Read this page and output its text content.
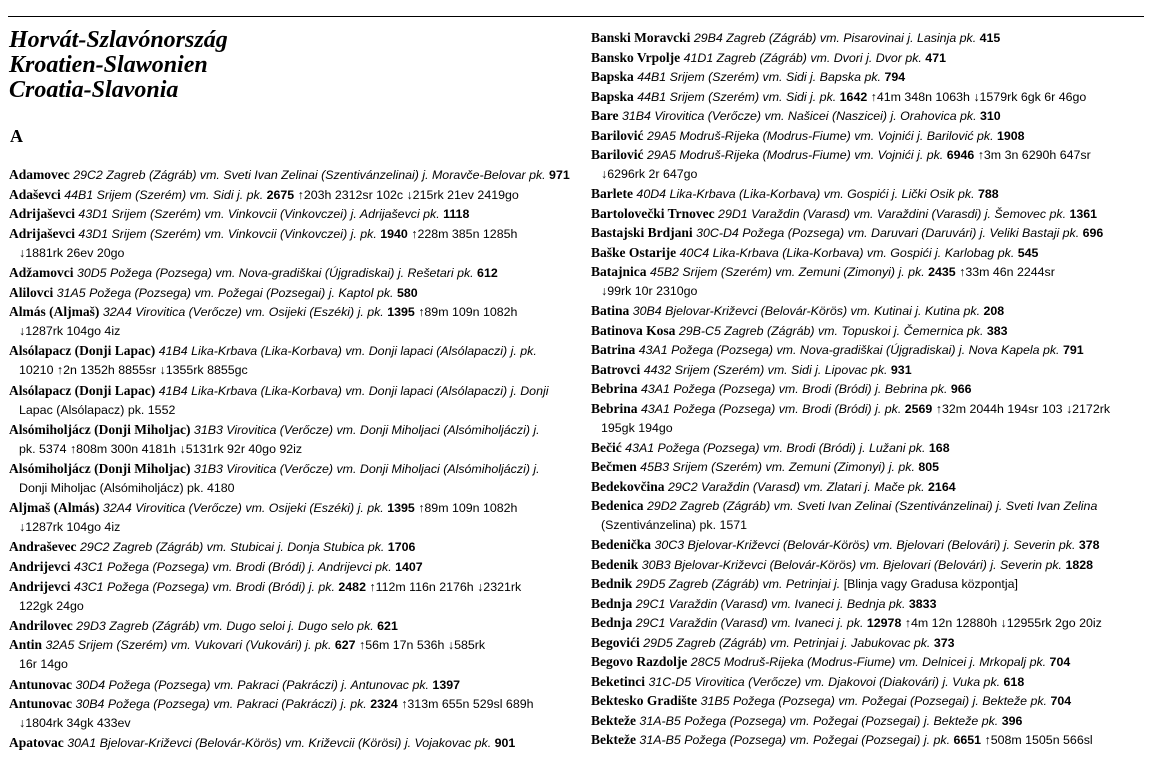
Horvát-Szlavónország
Kroatien-Slawonien
Croatia-Slavonia
A
Adamovec 29C2 Zagreb (Zágráb) vm. Sveti Ivan Zelinai (Szentivánzelinai) j. Moravče-Belovar pk. 971
Adaševci 44B1 Srijem (Szerém) vm. Sidi j. pk. 2675 ↑203h 2312sr 102c ↓215rk 21ev 2419go
Adrijaševci 43D1 Srijem (Szerém) vm. Vinkovcii (Vinkovczei) j. Adrijaševci pk. 1118
Adrijaševci 43D1 Srijem (Szerém) vm. Vinkovcii (Vinkovczei) j. pk. 1940 ↑228m 385n 1285h
↓1881rk 26ev 20go
Adžamovci 30D5 Požega (Pozsega) vm. Nova-gradiškai (Újgradiskai) j. Rešetari pk. 612
Alilovci 31A5 Požega (Pozsega) vm. Požegai (Pozsegai) j. Kaptol pk. 580
Almás (Aljmaš) 32A4 Virovitica (Verőcze) vm. Osijeki (Eszéki) j. pk. 1395 ↑89m 109n 1082h
↓1287rk 104go 4iz
Alsólapacz (Donji Lapac) 41B4 Lika-Krbava (Lika-Korbava) vm. Donji lapaci (Alsólapaczi) j. pk.
10210 ↑2n 1352h 8855sr ↓1355rk 8855gc
Alsólapacz (Donji Lapac) 41B4 Lika-Krbava (Lika-Korbava) vm. Donji lapaci (Alsólapaczi) j. Donji
Lapac (Alsólapacz) pk. 1552
Alsómiholjácz (Donji Miholjac) 31B3 Virovitica (Verőcze) vm. Donji Miholjaci (Alsómiholjáczi) j.
pk. 5374 ↑808m 300n 4181h ↓5131rk 92r 40go 92iz
Alsómiholjácz (Donji Miholjac) 31B3 Virovitica (Verőcze) vm. Donji Miholjaci (Alsómiholjáczi) j.
Donji Miholjac (Alsómiholjácz) pk. 4180
Aljmaš (Almás) 32A4 Virovitica (Verőcze) vm. Osijeki (Eszéki) j. pk. 1395 ↑89m 109n 1082h
↓1287rk 104go 4iz
Andraševec 29C2 Zagreb (Zágráb) vm. Stubicai j. Donja Stubica pk. 1706
Andrijevci 43C1 Požega (Pozsega) vm. Brodi (Bródi) j. Andrijevci pk. 1407
Andrijevci 43C1 Požega (Pozsega) vm. Brodi (Bródi) j. pk. 2482 ↑112m 116n 2176h ↓2321rk
122gk 24go
Andrilovec 29D3 Zagreb (Zágráb) vm. Dugo seloi j. Dugo selo pk. 621
Antin 32A5 Srijem (Szerém) vm. Vukovari (Vukovári) j. pk. 627 ↑56m 17n 536h ↓585rk
16r 14go
Antunovac 30D4 Požega (Pozsega) vm. Pakraci (Pakráczi) j. Antunovac pk. 1397
Antunovac 30B4 Požega (Pozsega) vm. Pakraci (Pakráczi) j. pk. 2324 ↑313m 655n 529sl 689h
↓1804rk 34gk 433ev
Apatovac 30A1 Bjelovar-Križevci (Belovár-Körös) vm. Križevcii (Körösi) j. Vojakovac pk. 901
Banski Moravcki 29B4 Zagreb (Zágráb) vm. Pisarovinai j. Lasinja pk. 415
Bansko Vrpolje 41D1 Zagreb (Zágráb) vm. Dvori j. Dvor pk. 471
Bapska 44B1 Srijem (Szerém) vm. Sidi j. Bapska pk. 794
Bapska 44B1 Srijem (Szerém) vm. Sidi j. pk. 1642 ↑41m 348n 1063h ↓1579rk 6gk 6r 46go
Bare 31B4 Virovitica (Verőcze) vm. Našicei (Naszicei) j. Orahovica pk. 310
Barilović 29A5 Modruš-Rijeka (Modrus-Fiume) vm. Vojnići j. Barilović pk. 1908
Barilović 29A5 Modruš-Rijeka (Modrus-Fiume) vm. Vojnići j. pk. 6946 ↑3m 3n 6290h 647sr
↓6296rk 2r 647go
Barlete 40D4 Lika-Krbava (Lika-Korbava) vm. Gospići j. Lički Osik pk. 788
Bartolovečki Trnovec 29D1 Varaždin (Varasd) vm. Varaždini (Varasdi) j. Šemovec pk. 1361
Bastajski Brdjani 30C-D4 Požega (Pozsega) vm. Daruvari (Daruvári) j. Veliki Bastaji pk. 696
Baške Ostarije 40C4 Lika-Krbava (Lika-Korbava) vm. Gospići j. Karlobag pk. 545
Batajnica 45B2 Srijem (Szerém) vm. Zemuni (Zimonyi) j. pk. 2435 ↑33m 46n 2244sr
↓99rk 10r 2310go
Batina 30B4 Bjelovar-Križevci (Belovár-Körös) vm. Kutinai j. Kutina pk. 208
Batinova Kosa 29B-C5 Zagreb (Zágráb) vm. Topuskoi j. Čemernica pk. 383
Batrina 43A1 Požega (Pozsega) vm. Nova-gradiškai (Újgradiskai) j. Nova Kapela pk. 791
Batrovci 4432 Srijem (Szerém) vm. Sidi j. Lipovac pk. 931
Bebrina 43A1 Požega (Pozsega) vm. Brodi (Bródi) j. Bebrina pk. 966
Bebrina 43A1 Požega (Pozsega) vm. Brodi (Bródi) j. pk. 2569 ↑32m 2044h 194sr 103 ↓2172rk
195gk 194go
Bečić 43A1 Požega (Pozsega) vm. Brodi (Bródi) j. Lužani pk. 168
Bečmen 45B3 Srijem (Szerém) vm. Zemuni (Zimonyi) j. pk. 805
Bedekovčina 29C2 Varaždin (Varasd) vm. Zlatari j. Mače pk. 2164
Bedenica 29D2 Zagreb (Zágráb) vm. Sveti Ivan Zelinai (Szentivánzelinai) j. Sveti Ivan Zelina
(Szentivánzelina) pk. 1571
Bedenička 30C3 Bjelovar-Križevci (Belovár-Körös) vm. Bjelovari (Belovári) j. Severin pk. 378
Bedenik 30B3 Bjelovar-Križevci (Belovár-Körös) vm. Bjelovari (Belovári) j. Severin pk. 1828
Bednik 29D5 Zagreb (Zágráb) vm. Petrinjai j. [Blinja vagy Gradusa központja]
Bednja 29C1 Varaždin (Varasd) vm. Ivaneci j. Bednja pk. 3833
Bednja 29C1 Varaždin (Varasd) vm. Ivaneci j. pk. 12978 ↑4m 12n 12880h ↓12955rk 2go 20iz
Begovići 29D5 Zagreb (Zágráb) vm. Petrinjai j. Jabukovac pk. 373
Begovo Razdolje 28C5 Modruš-Rijeka (Modrus-Fiume) vm. Delnicei j. Mrkopalj pk. 704
Beketinci 31C-D5 Virovitica (Verőcze) vm. Djakovoi (Diakovári) j. Vuka pk. 618
Bektesko Gradište 31B5 Požega (Pozsega) vm. Požegai (Pozsegai) j. Bekteže pk. 704
Bekteže 31A-B5 Požega (Pozsega) vm. Požegai (Pozsegai) j. Bekteže pk. 396
Bekteže 31A-B5 Požega (Pozsega) vm. Požegai (Pozsegai) j. pk. 6651 ↑508m 1505n 566sl
